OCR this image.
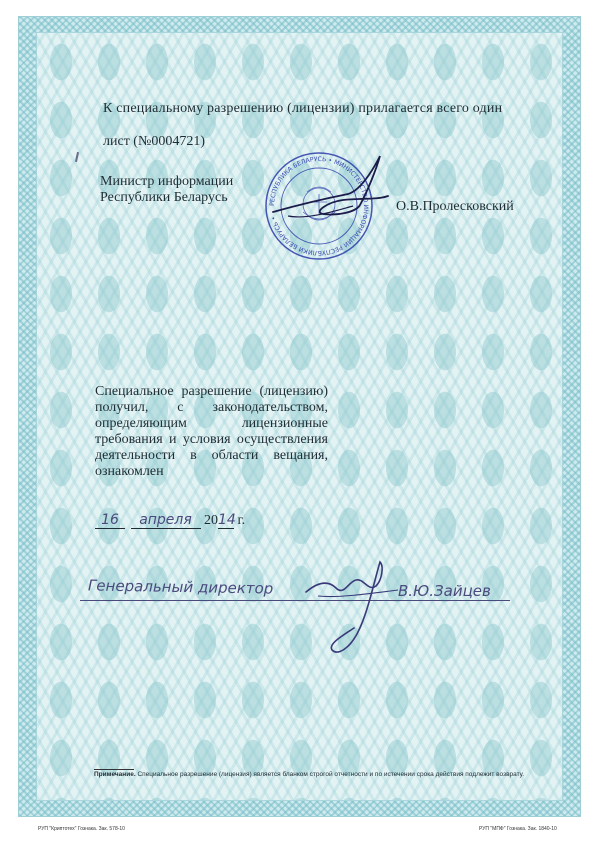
К специальному разрешению (лицензии) прилагается всего один
лист (№0004721)
Министр информации
Республики Беларусь	РЕСПУБЛИКА БЕЛАРУСЬ • МИНИСТЕРСТВО ИНФОРМАЦИИ РЕСПУБЛИКИ БЕЛАРУСЬ •
О.В.Пролесковский
Специальное разрешение (лицензию) получил, с законодательством, определяющим лицензионные требования и условия осуществления деятельности в области вещания, ознакомлен
16 апреля 2014 г.
Генеральный директор	В.Ю.Зайцев
Примечание. Специальное разрешение (лицензия) является бланком строгой отчетности и по истечении срока действия подлежит возврату.
РУП "Криптотех" Гознака. Зак. 578-10	РУП "МПФ" Гознака. Зак. 1840-10
